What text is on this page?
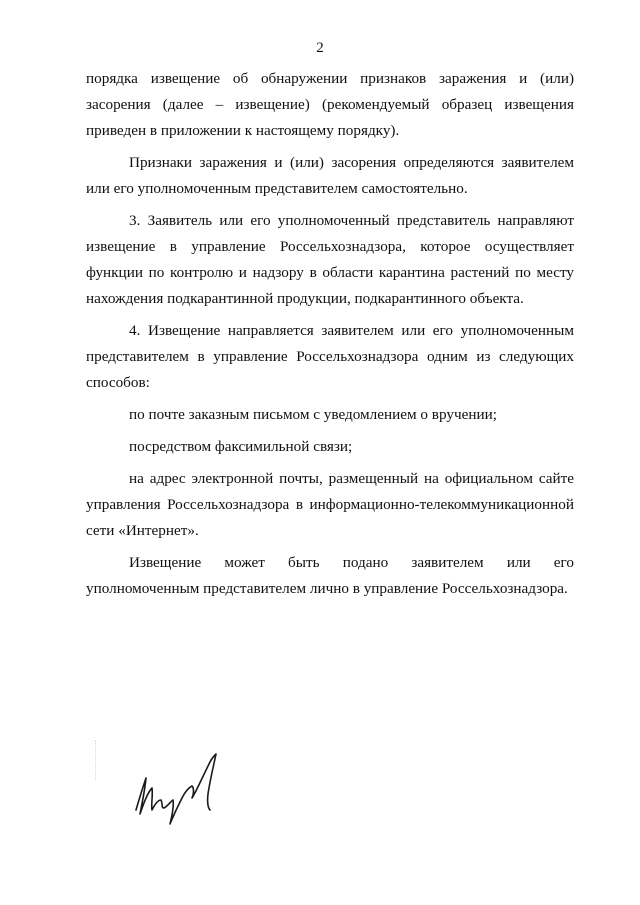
2

порядка извещение об обнаружении признаков заражения и (или) засорения (далее – извещение) (рекомендуемый образец извещения приведен в приложении к настоящему порядку).

Признаки заражения и (или) засорения определяются заявителем или его уполномоченным представителем самостоятельно.

3. Заявитель или его уполномоченный представитель направляют извещение в управление Россельхознадзора, которое осуществляет функции по контролю и надзору в области карантина растений по месту нахождения подкарантинной продукции, подкарантинного объекта.

4. Извещение направляется заявителем или его уполномоченным представителем в управление Россельхознадзора одним из следующих способов:

по почте заказным письмом с уведомлением о вручении;

посредством факсимильной связи;

на адрес электронной почты, размещенный на официальном сайте управления Россельхознадзора в информационно-телекоммуникационной сети «Интернет».

Извещение может быть подано заявителем или его уполномоченным представителем лично в управление Россельхознадзора.
